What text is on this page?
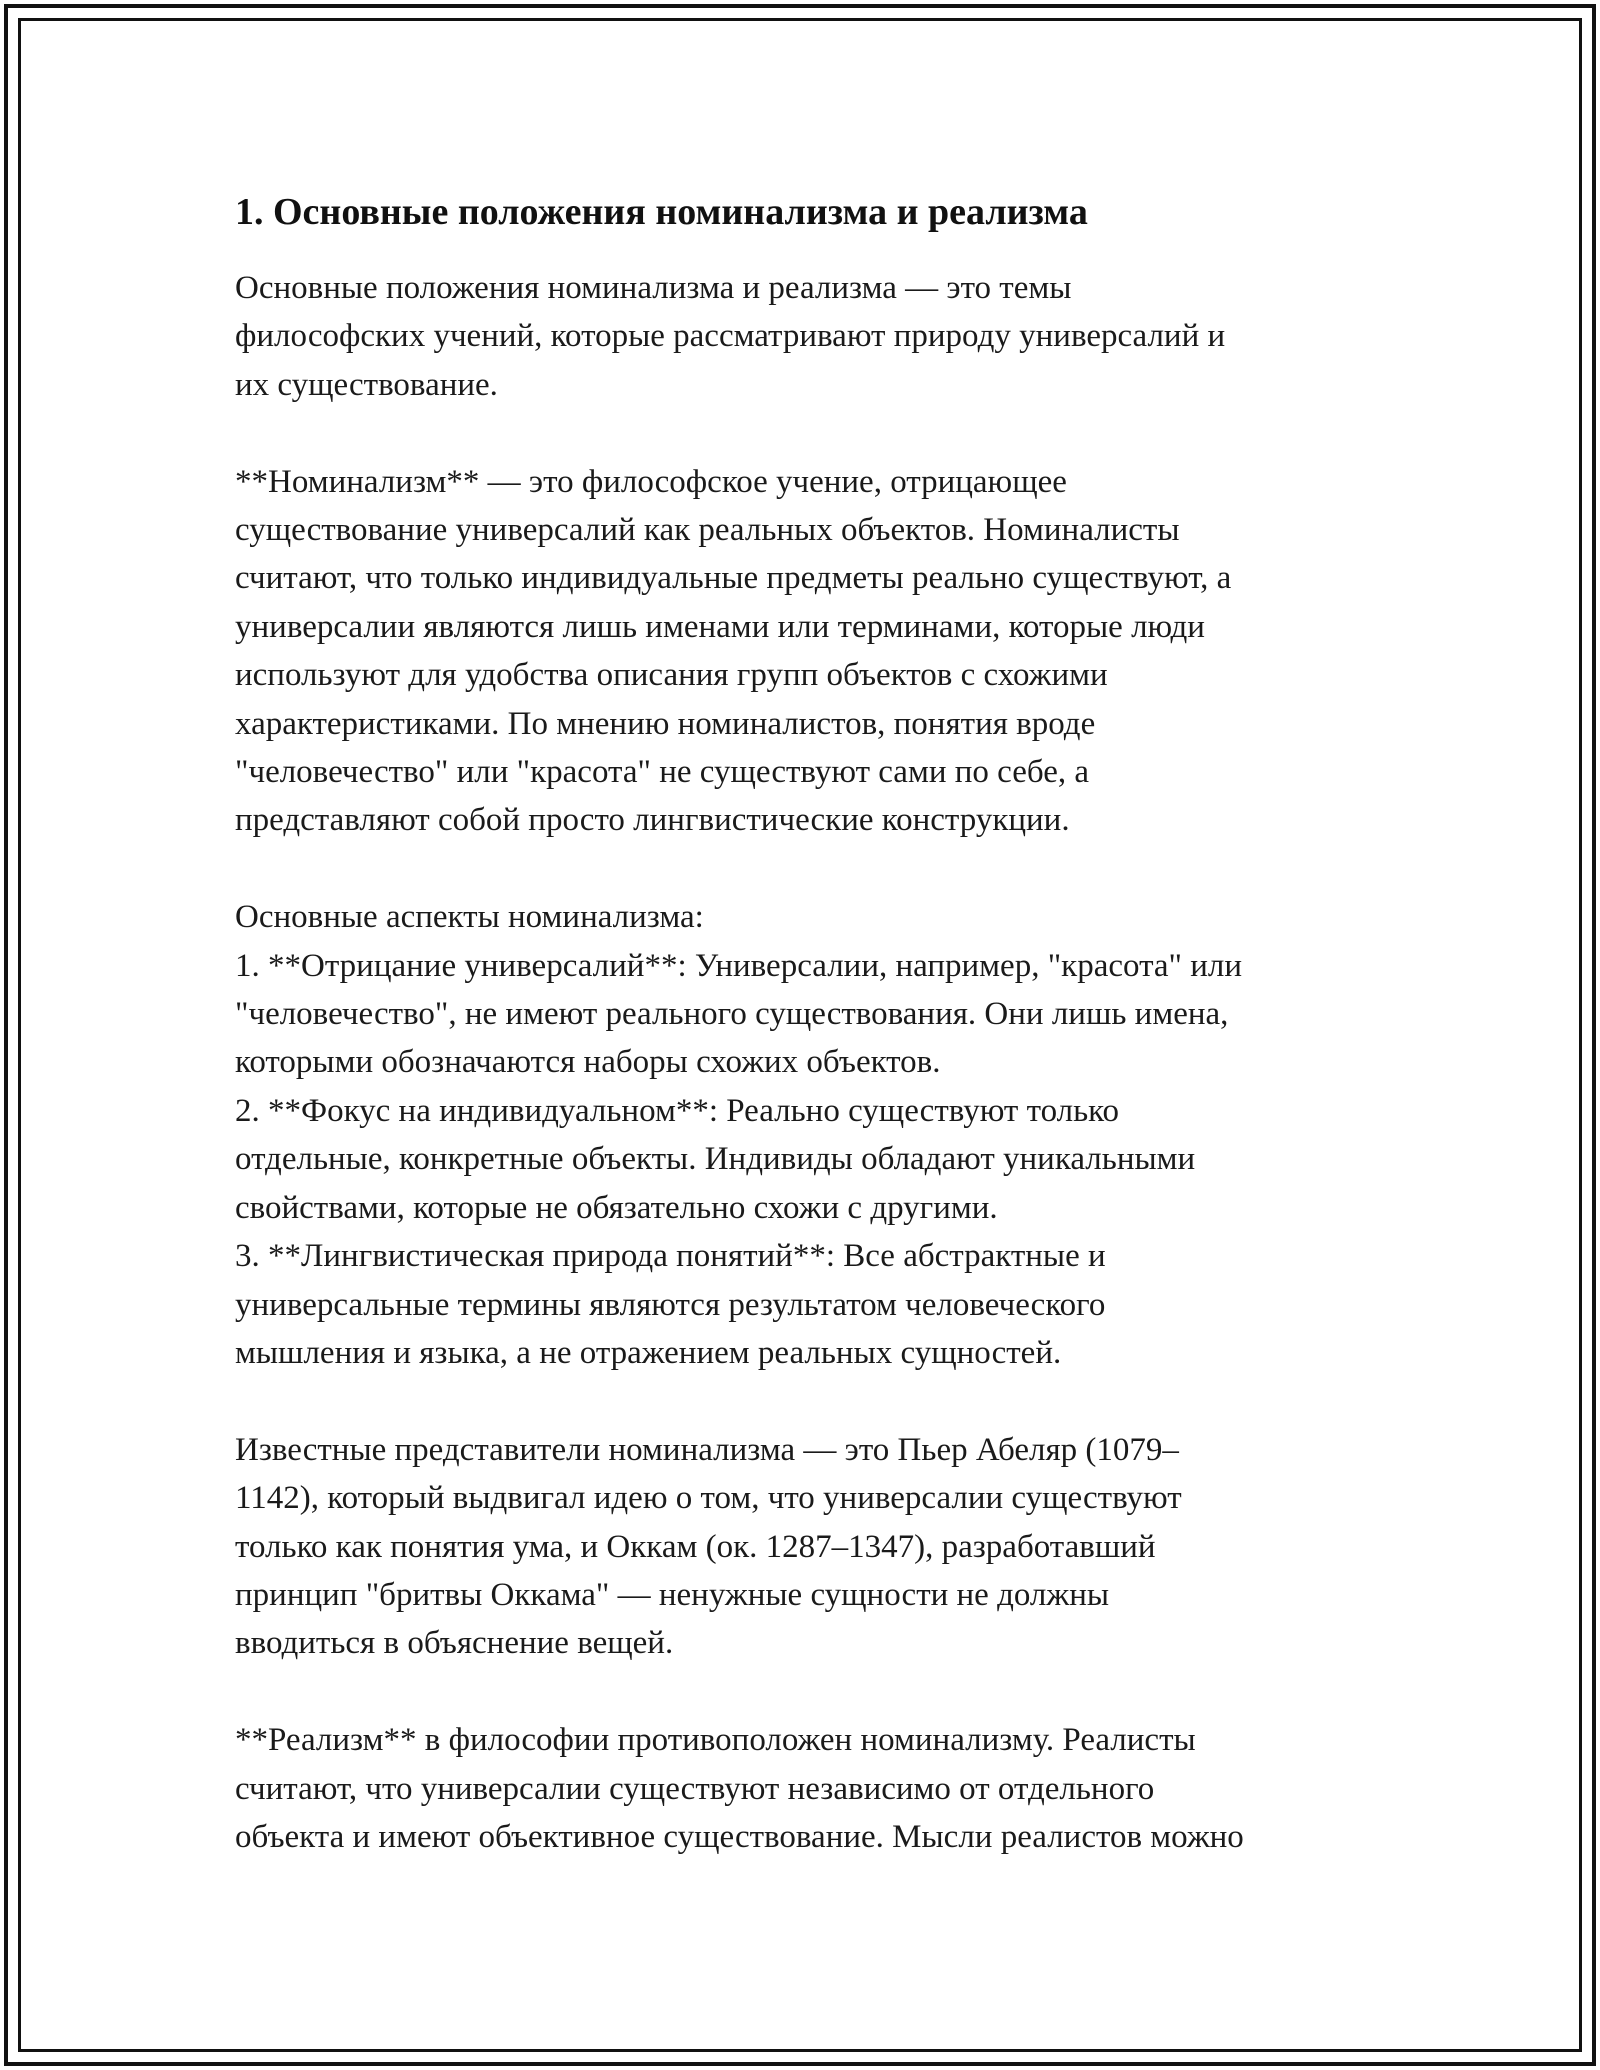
1. Основные положения номинализма и реализма

Основные положения номинализма и реализма — это темы
философских учений, которые рассматривают природу универсалий и
их существование.

**Номинализм** — это философское учение, отрицающее
существование универсалий как реальных объектов. Номиналисты
считают, что только индивидуальные предметы реально существуют, а
универсалии являются лишь именами или терминами, которые люди
используют для удобства описания групп объектов с схожими
характеристиками. По мнению номиналистов, понятия вроде
"человечество" или "красота" не существуют сами по себе, а
представляют собой просто лингвистические конструкции.

Основные аспекты номинализма:
1. **Отрицание универсалий**: Универсалии, например, "красота" или
"человечество", не имеют реального существования. Они лишь имена,
которыми обозначаются наборы схожих объектов.
2. **Фокус на индивидуальном**: Реально существуют только
отдельные, конкретные объекты. Индивиды обладают уникальными
свойствами, которые не обязательно схожи с другими.
3. **Лингвистическая природа понятий**: Все абстрактные и
универсальные термины являются результатом человеческого
мышления и языка, а не отражением реальных сущностей.

Известные представители номинализма — это Пьер Абеляр (1079–
1142), который выдвигал идею о том, что универсалии существуют
только как понятия ума, и Оккам (ок. 1287–1347), разработавший
принцип "бритвы Оккама" — ненужные сущности не должны
вводиться в объяснение вещей.

**Реализм** в философии противоположен номинализму. Реалисты
считают, что универсалии существуют независимо от отдельного
объекта и имеют объективное существование. Мысли реалистов можно
